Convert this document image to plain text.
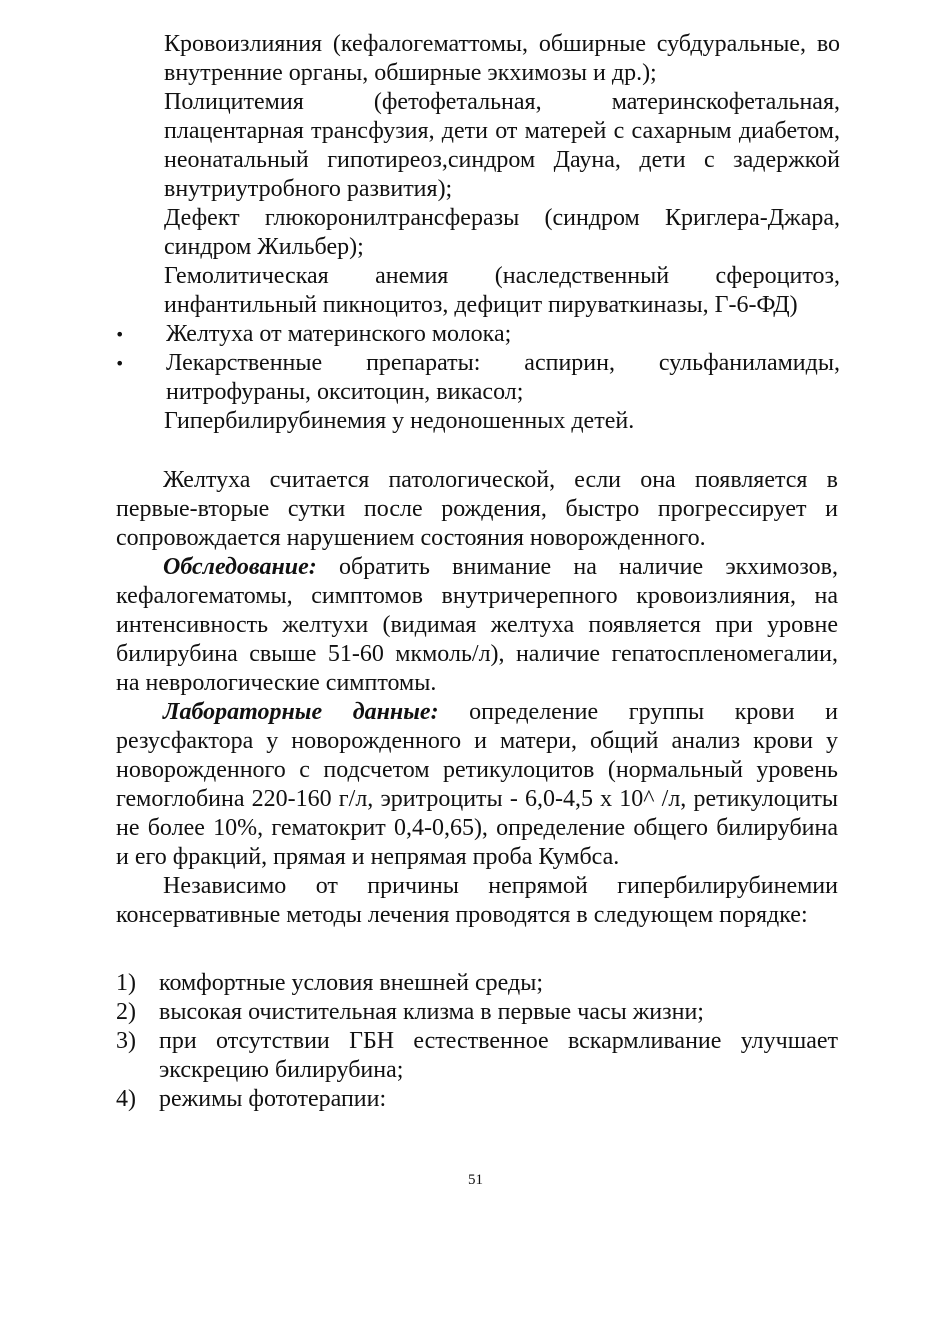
Кровоизлияния (кефалогематтомы, обширные субдуральные, во внутренние органы, обширные экхимозы и др.);

Полицитемия (фетофетальная, материнскофетальная, плацентарная трансфузия, дети от матерей с сахарным диабетом, неонатальный гипотиреоз,синдром Дауна, дети с задержкой внутриутробного развития);

Дефект глюкоронилтрансферазы (синдром Криглера-Джара, синдром Жильбер);

Гемолитическая анемия (наследственный сфероцитоз, инфантильный пикноцитоз, дефицит пируваткиназы, Г-6-ФД)

•	Желтуха от материнского молока;
•	Лекарственные препараты: аспирин, сульфаниламиды, нитрофураны, окситоцин, викасол;
Гипербилирубинемия у недоношенных детей.

Желтуха считается патологической, если она появляется в первые-вторые сутки после рождения, быстро прогрессирует и сопровождается нарушением состояния новорожденного.

Обследование: обратить внимание на наличие экхимозов, кефалогематомы, симптомов внутричерепного кровоизлияния, на интенсивность желтухи (видимая желтуха появляется при уровне билирубина свыше 51-60 мкмоль/л), наличие гепатоспленомегалии, на неврологические симптомы.

Лабораторные данные: определение группы крови и резусфактора у новорожденного и матери, общий анализ крови у новорожденного с подсчетом ретикулоцитов (нормальный уровень гемоглобина 220-160 г/л, эритроциты - 6,0-4,5 х 10^ /л, ретикулоциты не более 10%, гематокрит 0,4-0,65), определение общего билирубина и его фракций, прямая и непрямая проба Кумбса.

Независимо от причины непрямой гипербилирубинемии консервативные методы лечения проводятся в следующем порядке:

1) комфортные условия внешней среды;
2) высокая очистительная клизма в первые часы жизни;
3) при отсутствии ГБН естественное вскармливание улучшает экскрецию билирубина;
4) режимы фототерапии:
51
